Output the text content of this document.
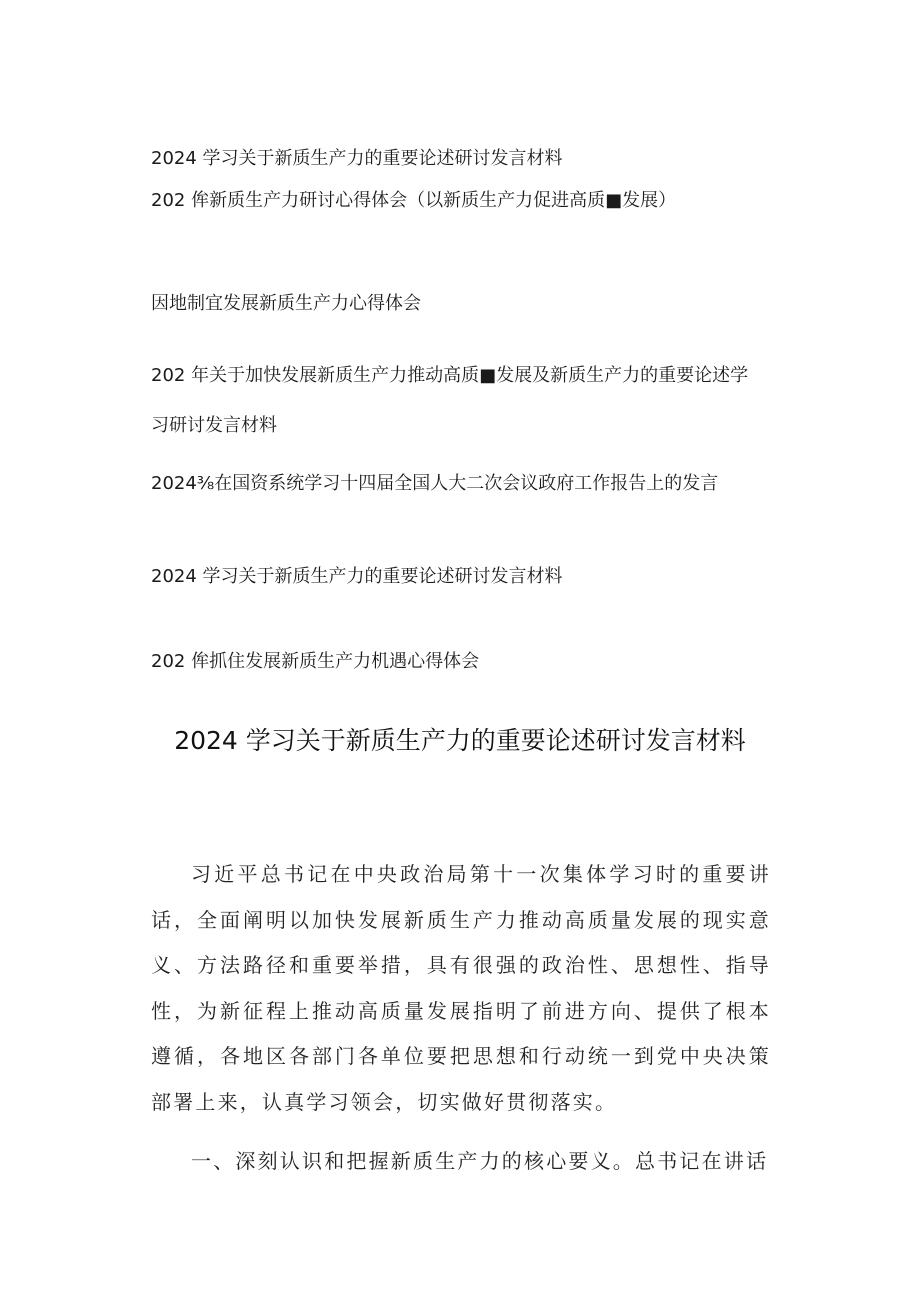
2024 学习关于新质生产力的重要论述研讨发言材料
202 侔新质生产力研讨心得体会（以新质生产力促进高质■发展）
因地制宜发展新质生产力心得体会
202 年关于加快发展新质生产力推动高质■发展及新质生产力的重要论述学习研讨发言材料
2024⅜在国资系统学习十四届全国人大二次会议政府工作报告上的发言
2024 学习关于新质生产力的重要论述研讨发言材料
202 侔抓住发展新质生产力机遇心得体会
2024 学习关于新质生产力的重要论述研讨发言材料
习近平总书记在中央政治局第十一次集体学习时的重要讲话，全面阐明以加快发展新质生产力推动高质量发展的现实意义、方法路径和重要举措，具有很强的政治性、思想性、指导性，为新征程上推动高质量发展指明了前进方向、提供了根本遵循，各地区各部门各单位要把思想和行动统一到党中央决策部署上来，认真学习领会，切实做好贯彻落实。
一、深刻认识和把握新质生产力的核心要义。总书记在讲话
